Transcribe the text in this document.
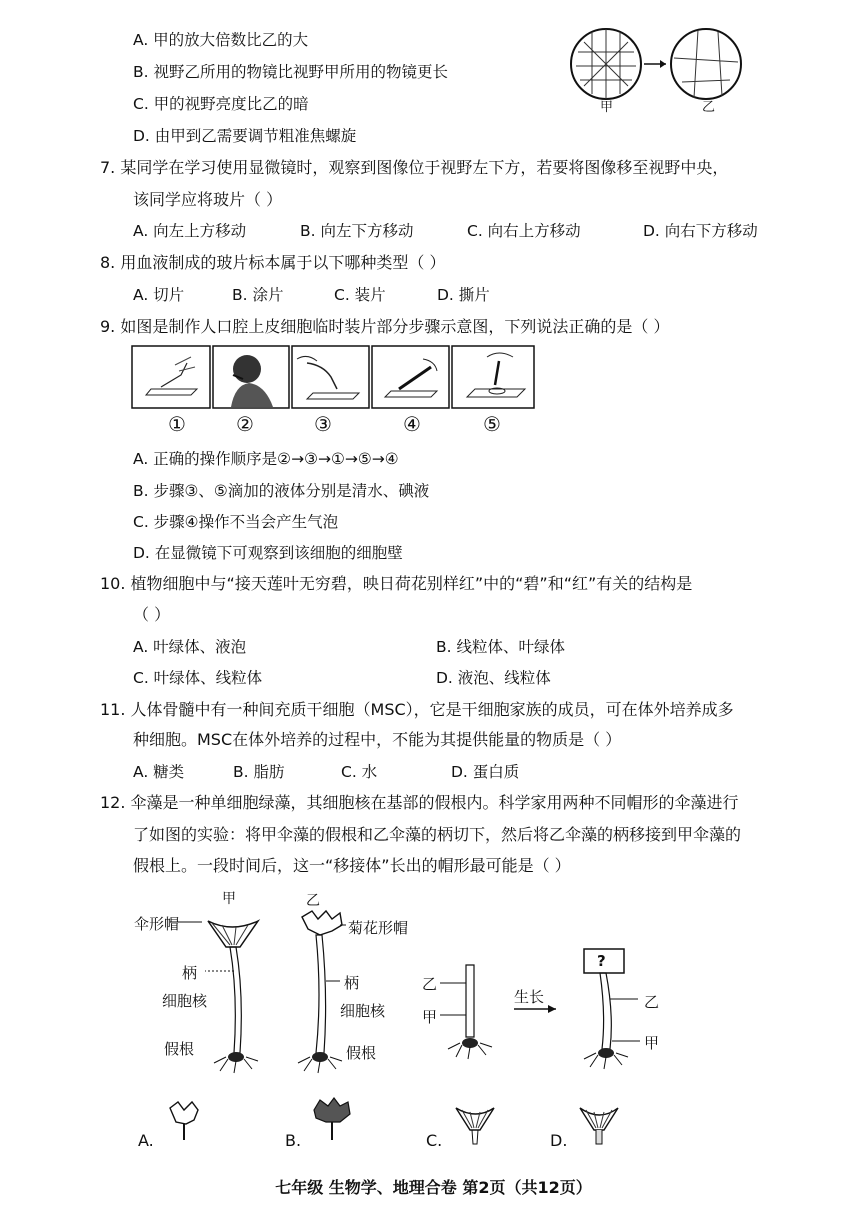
A. 甲的放大倍数比乙的大
B. 视野乙所用的物镜比视野甲所用的物镜更长
C. 甲的视野亮度比乙的暗
D. 由甲到乙需要调节粗准焦螺旋
甲	乙
7. 某同学在学习使用显微镜时，观察到图像位于视野左下方，若要将图像移至视野中央，
该同学应将玻片（ ）
A. 向左上方移动	B. 向左下方移动	C. 向右上方移动	D. 向右下方移动
8. 用血液制成的玻片标本属于以下哪种类型（ ）
A. 切片	B. 涂片	C. 装片	D. 撕片
9. 如图是制作人口腔上皮细胞临时装片部分步骤示意图，下列说法正确的是（ ）
①	②	③	④	⑤
A. 正确的操作顺序是②→③→①→⑤→④
B. 步骤③、⑤滴加的液体分别是清水、碘液
C. 步骤④操作不当会产生气泡
D. 在显微镜下可观察到该细胞的细胞壁
10. 植物细胞中与“接天莲叶无穷碧，映日荷花别样红”中的“碧”和“红”有关的结构是
（ ）
A. 叶绿体、液泡	B. 线粒体、叶绿体
C. 叶绿体、线粒体	D. 液泡、线粒体
11. 人体骨髓中有一种间充质干细胞（MSC），它是干细胞家族的成员，可在体外培养成多
种细胞。MSC在体外培养的过程中，不能为其提供能量的物质是（ ）
A. 糖类	B. 脂肪	C. 水	D. 蛋白质
12. 伞藻是一种单细胞绿藻，其细胞核在基部的假根内。科学家用两种不同帽形的伞藻进行
了如图的实验：将甲伞藻的假根和乙伞藻的柄切下，然后将乙伞藻的柄移接到甲伞藻的
假根上。一段时间后，这一“移接体”长出的帽形最可能是（ ）
甲	乙
伞形帽
柄
细胞核
假根
菊花形帽
柄
细胞核
假根
乙
甲
生长
?
乙
甲
A.	B.	C.	D.
七年级 生物学、地理合卷 第2页（共12页）
